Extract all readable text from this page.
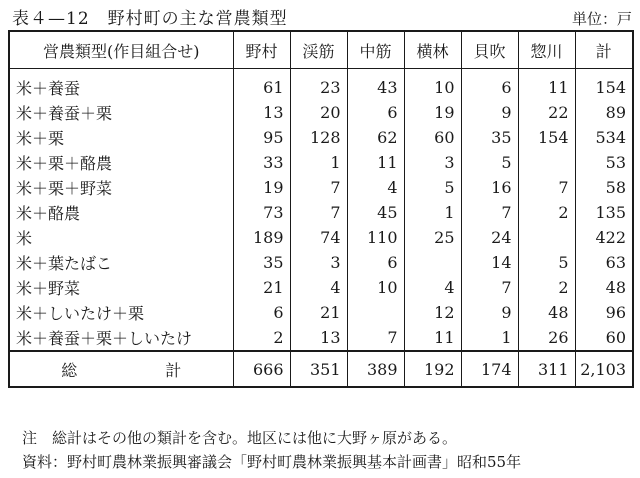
表４—12　野村町の主な営農類型	単位：戸
営農類型(作目組合せ)	野村	渓筋	中筋	横林	貝吹	惣川	計
米＋養蚕	61	23	43	10	6	11	154
米＋養蚕＋栗	13	20	6	19	9	22	89
米＋栗	95	128	62	60	35	154	534
米＋栗＋酪農	33	1	11	3	5		53
米＋栗＋野菜	19	7	4	5	16	7	58
米＋酪農	73	7	45	1	7	2	135
米	189	74	110	25	24		422
米＋葉たばこ	35	3	6		14	5	63
米＋野菜	21	4	10	4	7	2	48
米＋しいたけ＋栗	6	21		12	9	48	96
米＋養蚕＋栗＋しいたけ	2	13	7	11	1	26	60
総　　計	666	351	389	192	174	311	2,103
注　総計はその他の類計を含む。地区には他に大野ヶ原がある。
資料：野村町農林業振興審議会「野村町農林業振興基本計画書」昭和55年
